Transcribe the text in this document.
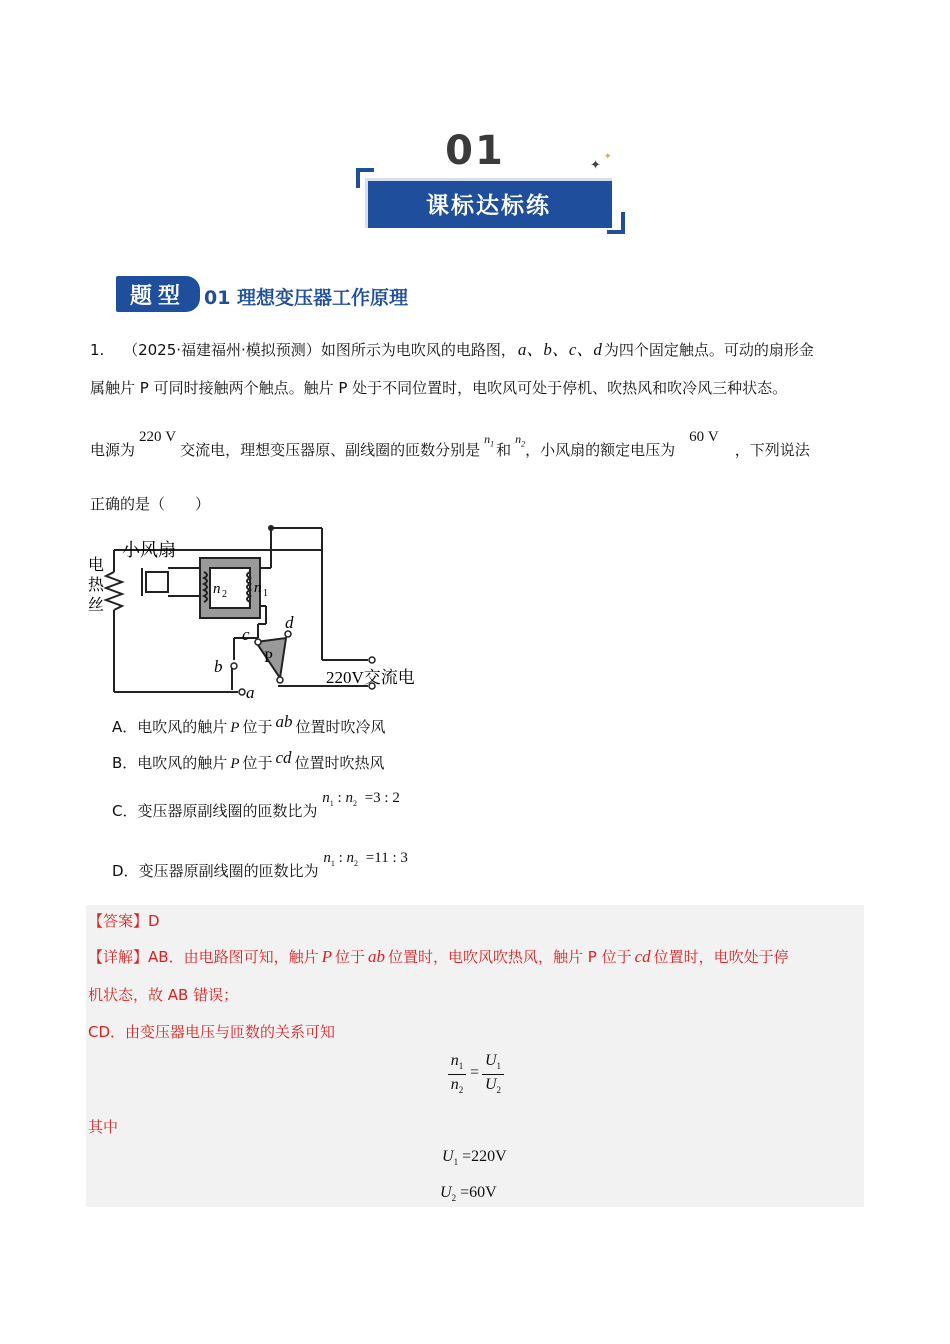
01	✦
✦
课标达标练
题型 01 理想变压器工作原理
1. （2025·福建福州·模拟预测）如图所示为电吹风的电路图， a、b、c、d 为四个固定触点。可动的扇形金
属触片 P 可同时接触两个触点。触片 P 处于不同位置时，电吹风可处于停机、吹热风和吹冷风三种状态。
电源为220 V交流电，理想变压器原、副线圈的匝数分别是$^{n_1}$ 和$^{n_2}$，小风扇的额定电压为60 V，下列说法
正确的是（　　）
小风扇
电
热
丝
n 2 n 1
c
d
b
a
P
220V交流电
A．电吹风的触片 P 位于 ab 位置时吹冷风
B．电吹风的触片 P 位于 cd 位置时吹热风
C．变压器原副线圈的匝数比为 $n_1$ : $n_2 =3$ : 2
D．变压器原副线圈的匝数比为 $n_1$ : $n_2 =11$ : 3
【答案】D
【详解】AB．由电路图可知，触片 P 位于 ab 位置时，电吹风吹热风，触片 P 位于 cd 位置时，电吹处于停
机状态，故 AB 错误；
CD．由变压器电压与匝数的关系可知
$n_1$
$n_2$
=
$U_1$
$U_2$
其中
$U_1 =220V$
$U_2 =60V$
